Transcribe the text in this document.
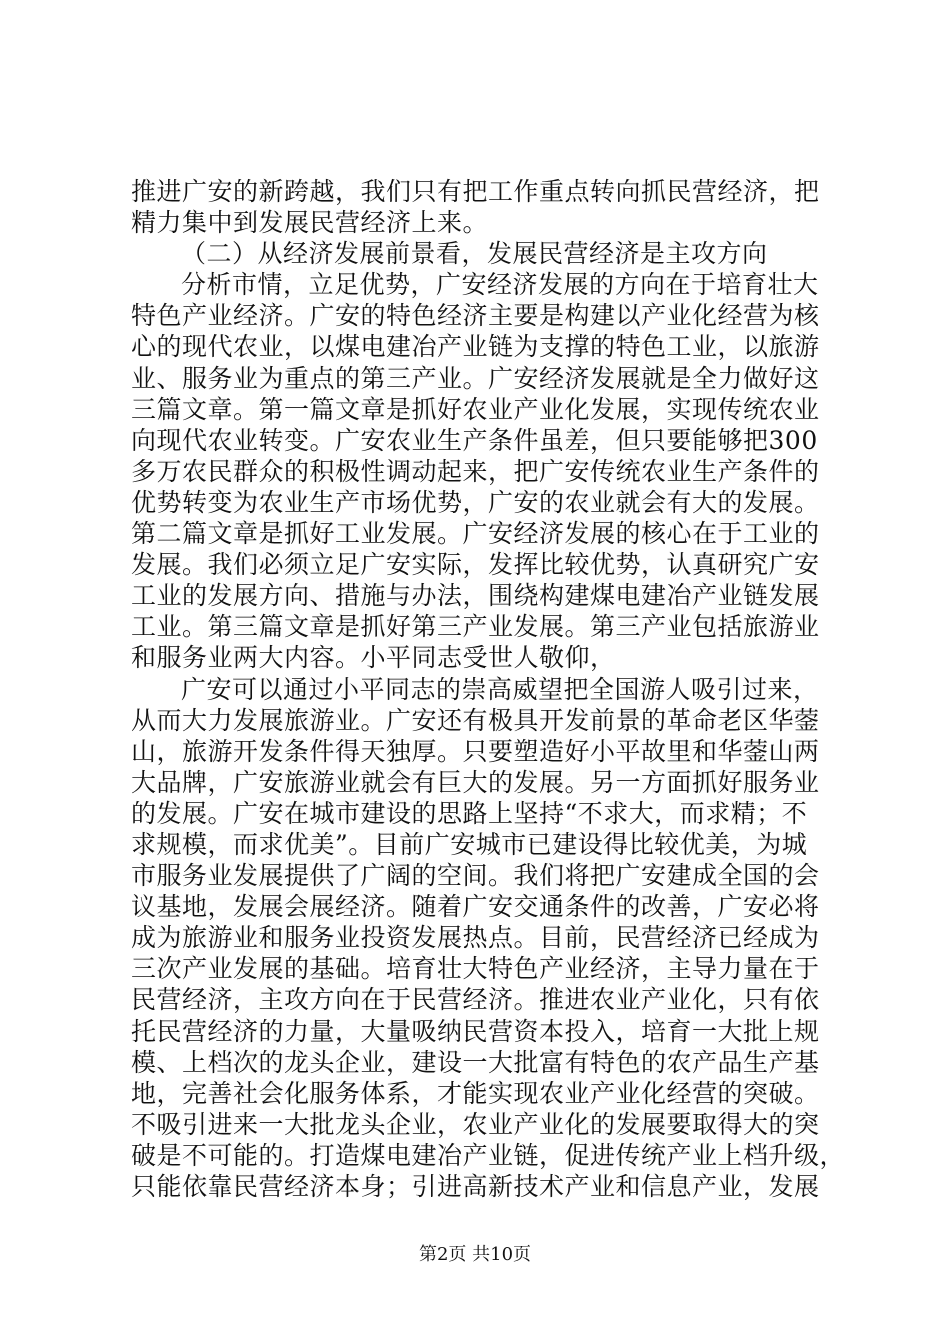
推进广安的新跨越，我们只有把工作重点转向抓民营经济，把
精力集中到发展民营经济上来。
（二）从经济发展前景看，发展民营经济是主攻方向
分析市情，立足优势，广安经济发展的方向在于培育壮大
特色产业经济。广安的特色经济主要是构建以产业化经营为核
心的现代农业，以煤电建冶产业链为支撑的特色工业，以旅游
业、服务业为重点的第三产业。广安经济发展就是全力做好这
三篇文章。第一篇文章是抓好农业产业化发展，实现传统农业
向现代农业转变。广安农业生产条件虽差，但只要能够把300
多万农民群众的积极性调动起来，把广安传统农业生产条件的
优势转变为农业生产市场优势，广安的农业就会有大的发展。
第二篇文章是抓好工业发展。广安经济发展的核心在于工业的
发展。我们必须立足广安实际，发挥比较优势，认真研究广安
工业的发展方向、措施与办法，围绕构建煤电建冶产业链发展
工业。第三篇文章是抓好第三产业发展。第三产业包括旅游业
和服务业两大内容。小平同志受世人敬仰，
广安可以通过小平同志的崇高威望把全国游人吸引过来，
从而大力发展旅游业。广安还有极具开发前景的革命老区华蓥
山，旅游开发条件得天独厚。只要塑造好小平故里和华蓥山两
大品牌，广安旅游业就会有巨大的发展。另一方面抓好服务业
的发展。广安在城市建设的思路上坚持“不求大，而求精；不
求规模，而求优美”。目前广安城市已建设得比较优美，为城
市服务业发展提供了广阔的空间。我们将把广安建成全国的会
议基地，发展会展经济。随着广安交通条件的改善，广安必将
成为旅游业和服务业投资发展热点。目前，民营经济已经成为
三次产业发展的基础。培育壮大特色产业经济，主导力量在于
民营经济，主攻方向在于民营经济。推进农业产业化，只有依
托民营经济的力量，大量吸纳民营资本投入，培育一大批上规
模、上档次的龙头企业，建设一大批富有特色的农产品生产基
地，完善社会化服务体系，才能实现农业产业化经营的突破。
不吸引进来一大批龙头企业，农业产业化的发展要取得大的突
破是不可能的。打造煤电建冶产业链，促进传统产业上档升级，
只能依靠民营经济本身；引进高新技术产业和信息产业，发展
第2页 共10页
